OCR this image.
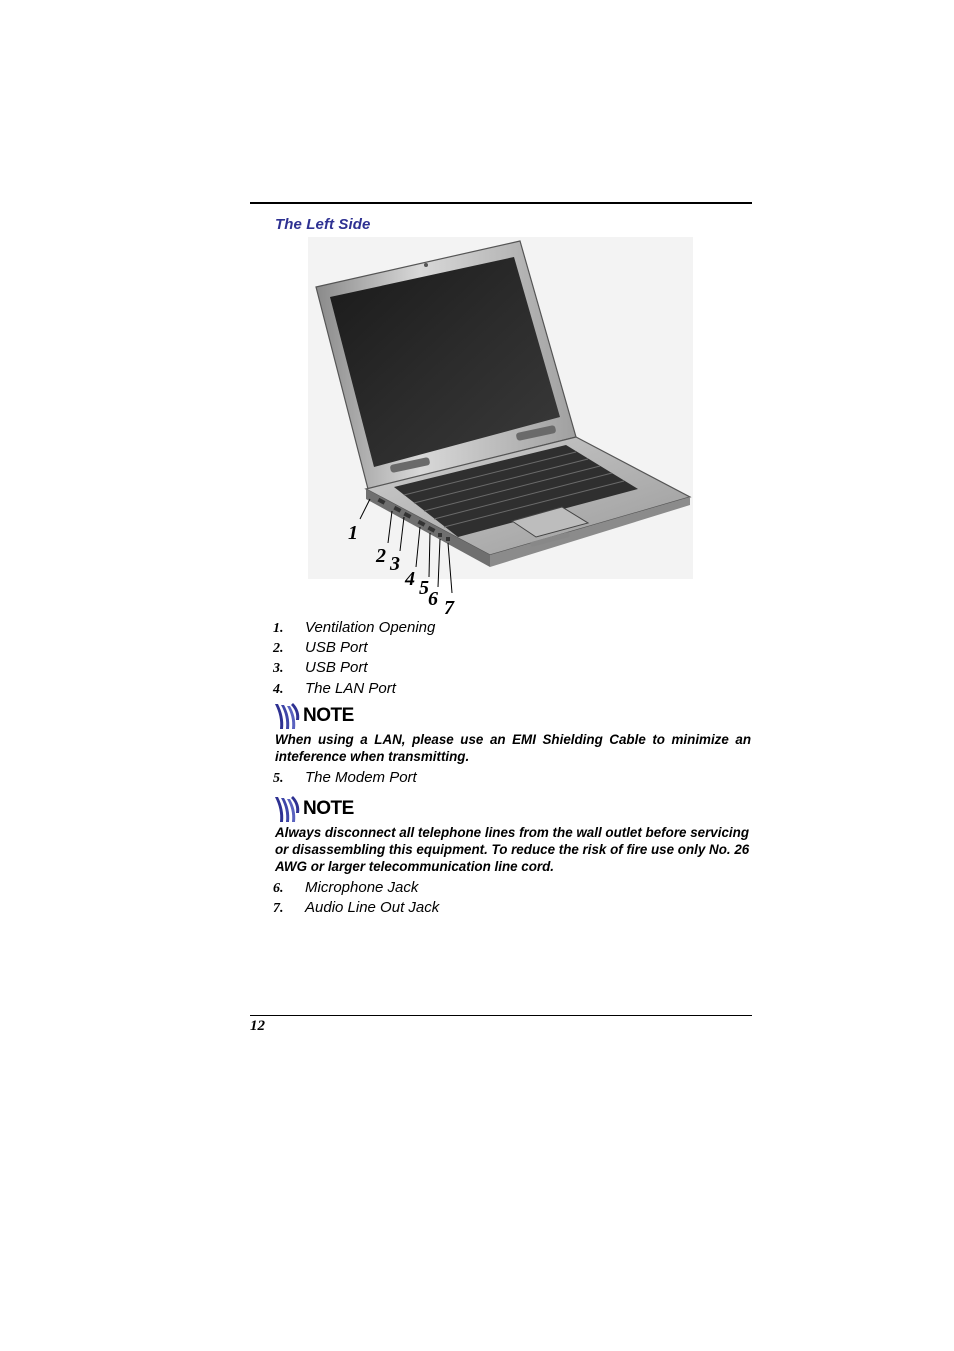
The Left Side
1
2 3
4 5 6 7
1. Ventilation Opening
2. USB Port
3. USB Port
4. The LAN Port
NOTE
When using a LAN, please use an EMI Shielding Cable to minimize an inteference when transmitting.
5. The Modem Port
NOTE
Always disconnect all telephone lines from the wall outlet before servicing or disassembling this equipment. To reduce the risk of fire use only No. 26 AWG or larger telecommunication line cord.
6. Microphone Jack
7. Audio Line Out Jack
12
